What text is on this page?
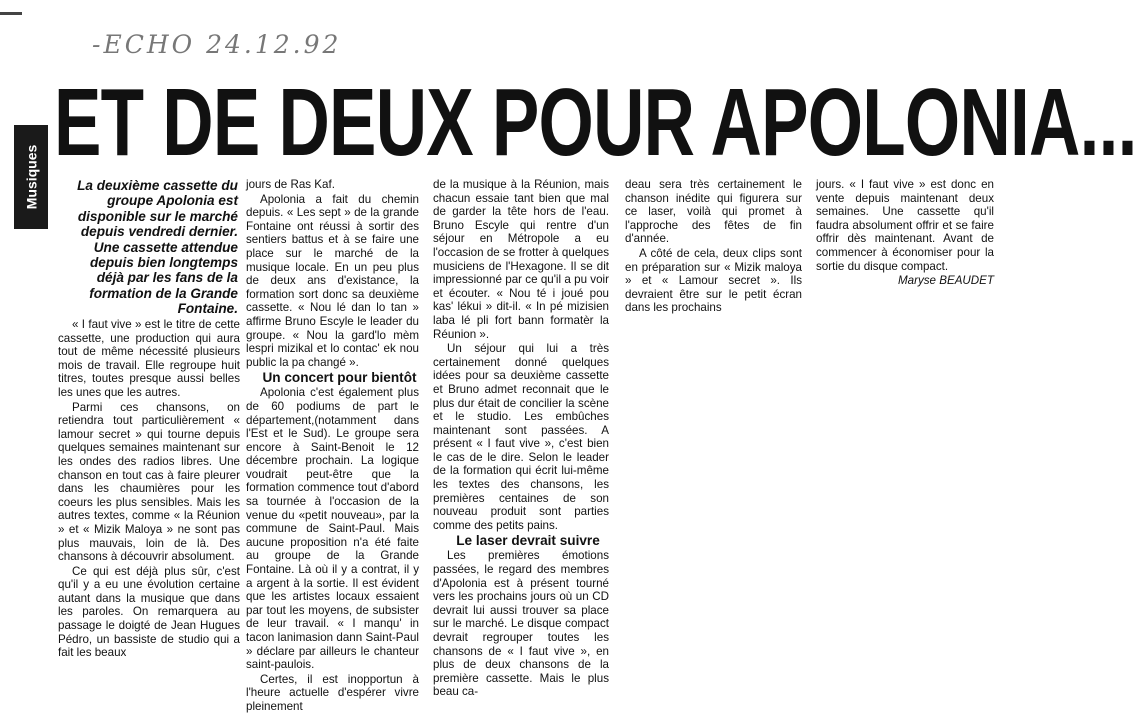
-ECHO 24.12.92
Musiques
ET DE DEUX POUR APOLONIA...
La deuxième cassette du groupe Apolonia est disponible sur le marché depuis vendredi dernier. Une cassette attendue depuis bien longtemps déjà par les fans de la formation de la Grande Fontaine.

« I faut vive » est le titre de cette cassette, une production qui aura tout de même nécessité plusieurs mois de travail. Elle regroupe huit titres, toutes presque aussi belles les unes que les autres.

Parmi ces chansons, on retiendra tout particulièrement « lamour secret » qui tourne depuis quelques semaines maintenant sur les ondes des radios libres. Une chanson en tout cas à faire pleurer dans les chaumières pour les coeurs les plus sensibles. Mais les autres textes, comme « la Réunion » et « Mizik Maloya » ne sont pas plus mauvais, loin de là. Des chansons à découvrir absolument.

Ce qui est déjà plus sûr, c'est qu'il y a eu une évolution certaine autant dans la musique que dans les paroles. On remarquera au passage le doigté de Jean Hugues Pédro, un bassiste de studio qui a fait les beaux

jours de Ras Kaf.

Apolonia a fait du chemin depuis. « Les sept » de la grande Fontaine ont réussi à sortir des sentiers battus et à se faire une place sur le marché de la musique locale. En un peu plus de deux ans d'existance, la formation sort donc sa deuxième cassette. « Nou lé dan lo tan » affirme Bruno Escyle le leader du groupe. « Nou la gard'lo mèm lespri mizikal et lo contac' ek nou public la pa changé ».

Un concert pour bientôt

Apolonia c'est également plus de 60 podiums de part le département,(notamment dans l'Est et le Sud). Le groupe sera encore à Saint-Benoit le 12 décembre prochain. La logique voudrait peut-être que la formation commence tout d'abord sa tournée à l'occasion de la venue du «petit nouveau», par la commune de Saint-Paul. Mais aucune proposition n'a été faite au groupe de la Grande Fontaine. Là où il y a contrat, il y a argent à la sortie. Il est évident que les artistes locaux essaient par tout les moyens, de subsister de leur travail. « I manqu' in tacon lanimasion dann Saint-Paul » déclare par ailleurs le chanteur saint-paulois.

Certes, il est inopportun à l'heure actuelle d'espérer vivre pleinement

de la musique à la Réunion, mais chacun essaie tant bien que mal de garder la tête hors de l'eau. Bruno Escyle qui rentre d'un séjour en Métropole a eu l'occasion de se frotter à quelques musiciens de l'Hexagone. Il se dit impressionné par ce qu'il a pu voir et écouter. « Nou té i joué pou kas' lékui » dit-il. « In pé mizisien laba lé pli fort bann formatèr la Réunion ».

Un séjour qui lui a très certainement donné quelques idées pour sa deuxième cassette et Bruno admet reconnait que le plus dur était de concilier la scène et le studio. Les embûches maintenant sont passées. A présent « I faut vive », c'est bien le cas de le dire. Selon le leader de la formation qui écrit lui-même les textes des chansons, les premières centaines de son nouveau produit sont parties comme des petits pains.

Le laser devrait suivre

Les premières émotions passées, le regard des membres d'Apolonia est à présent tourné vers les prochains jours où un CD devrait lui aussi trouver sa place sur le marché. Le disque compact devrait regrouper toutes les chansons de « I faut vive », en plus de deux chansons de la première cassette. Mais le plus beau ca-

deau sera très certainement le chanson inédite qui figurera sur ce laser, voilà qui promet à l'approche des fêtes de fin d'année.

A côté de cela, deux clips sont en préparation sur « Mizik maloya » et « Lamour secret ». Ils devraient être sur le petit écran dans les prochains

jours. « I faut vive » est donc en vente depuis maintenant deux semaines. Une cassette qu'il faudra absolument offrir et se faire offrir dès maintenant. Avant de commencer à économiser pour la sortie du disque compact.

Maryse BEAUDET
